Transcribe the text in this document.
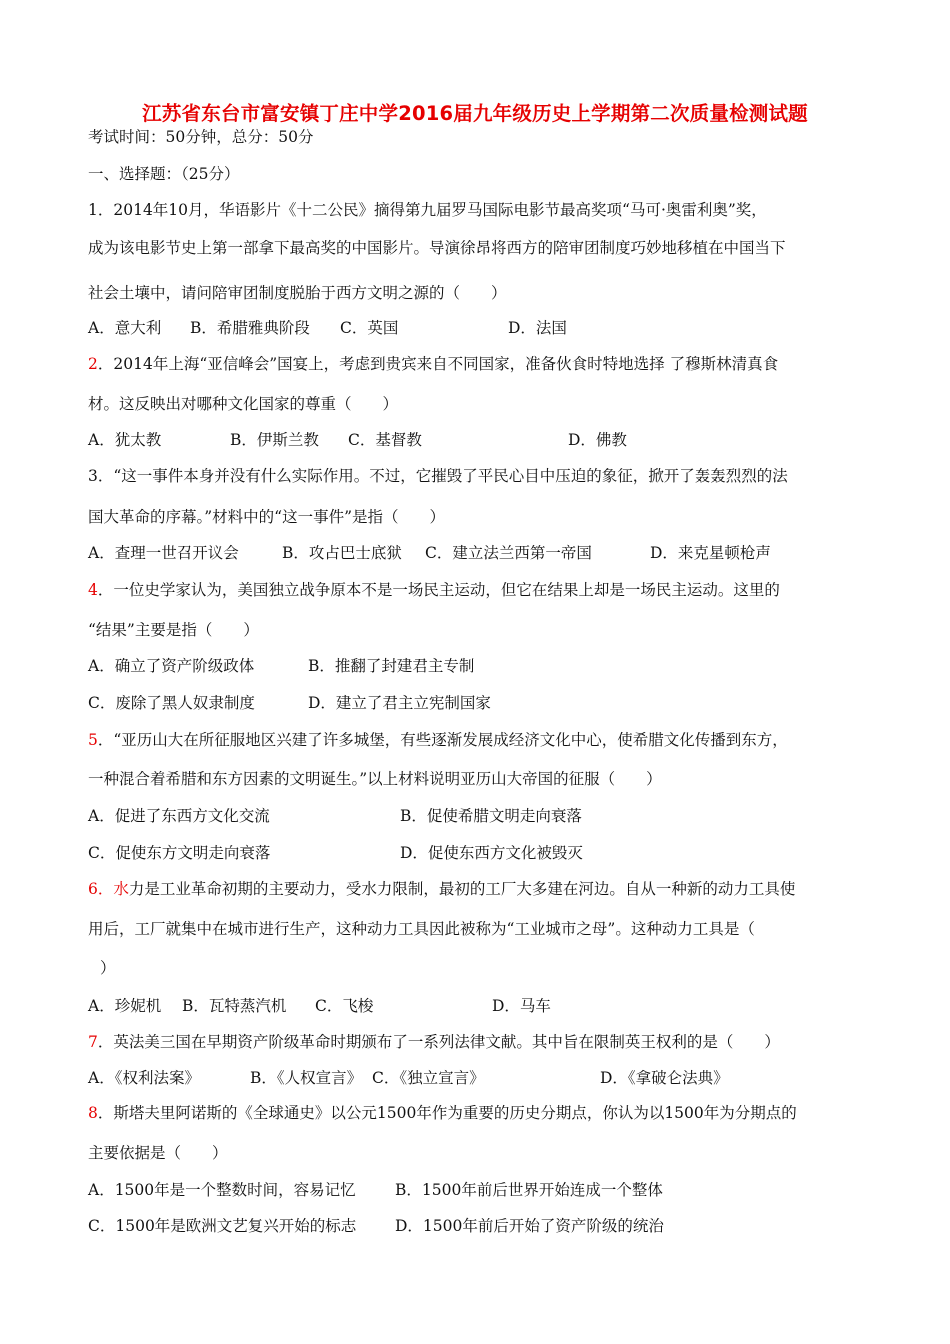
江苏省东台市富安镇丁庄中学2016届九年级历史上学期第二次质量检测试题
考试时间：50分钟，总分：50分
一、选择题：（25分）
1．2014年10月，华语影片《十二公民》摘得第九届罗马国际电影节最高奖项“马可·奥雷利奥”奖，
成为该电影节史上第一部拿下最高奖的中国影片。导演徐昂将西方的陪审团制度巧妙地移植在中国当下
社会土壤中，请问陪审团制度脱胎于西方文明之源的（　　）
A．意大利 B．希腊雅典阶段 C．英国	D．法国
2．2014年上海“亚信峰会”国宴上，考虑到贵宾来自不同国家，准备伙食时特地选择 了穆斯林清真食
材。这反映出对哪种文化国家的尊重（　　）
A．犹太教	B．伊斯兰教 C．基督教	D．佛教
3．“这一事件本身并没有什么实际作用。不过，它摧毁了平民心目中压迫的象征，掀开了轰轰烈烈的法
国大革命的序幕。”材料中的“这一事件”是指（　　）
A．查理一世召开议会	B．攻占巴士底狱 C．建立法兰西第一帝国	D．来克星顿枪声
4．一位史学家认为，美国独立战争原本不是一场民主运动，但它在结果上却是一场民主运动。这里的
“结果”主要是指（　　）
A．确立了资产阶级政体	B．推翻了封建君主专制
C．废除了黑人奴隶制度	D．建立了君主立宪制国家
5．“亚历山大在所征服地区兴建了许多城堡，有些逐渐发展成经济文化中心，使希腊文化传播到东方，
一种混合着希腊和东方因素的文明诞生。”以上材料说明亚历山大帝国的征服（　　）
A．促进了东西方文化交流	B．促使希腊文明走向衰落
C．促使东方文明走向衰落	D．促使东西方文化被毁灭
6．水力是工业革命初期的主要动力，受水力限制，最初的工厂大多建在河边。自从一种新的动力工具使
用后，工厂就集中在城市进行生产，这种动力工具因此被称为“工业城市之母”。这种动力工具是（
）
A．珍妮机 B．瓦特蒸汽机 C．飞梭	D．马车
7．英法美三国在早期资产阶级革命时期颁布了一系列法律文献。其中旨在限制英王权利的是（　　）
A．《权利法案》	B．《人权宣言》 C．《独立宣言》	D．《拿破仑法典》
8．斯塔夫里阿诺斯的《全球通史》以公元1500年作为重要的历史分期点，你认为以1500年为分期点的
主要依据是（　　）
A．1500年是一个整数时间，容易记忆	B．1500年前后世界开始连成一个整体
C．1500年是欧洲文艺复兴开始的标志 D．1500年前后开始了资产阶级的统治
